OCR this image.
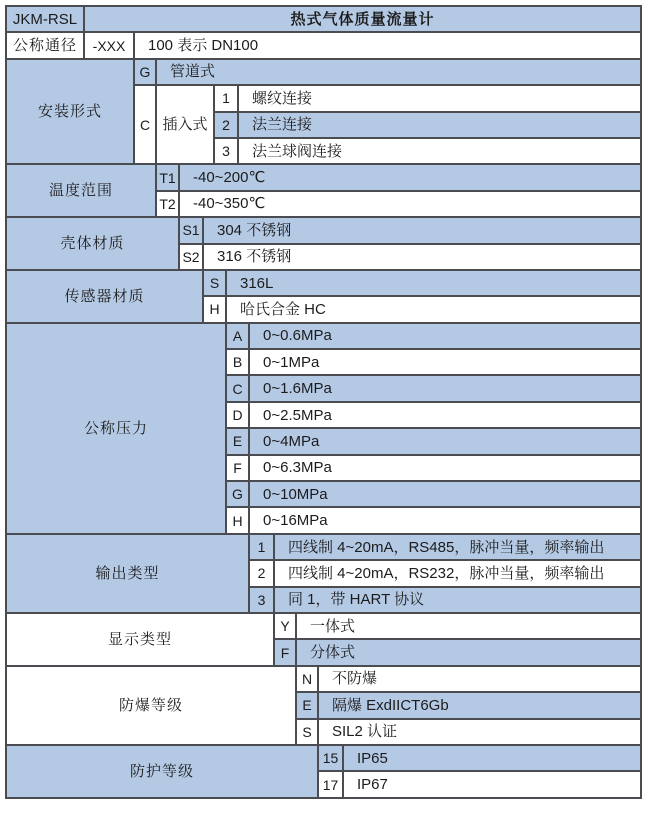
JKM-RSL	热式气体质量流量计												
公称通径	-XXX	100 表示 DN100											
安装形式		G	管道式										
		C	插入式			1		螺纹连接					
						2		法兰连接					
						3		法兰球阀连接					
温度范围			T1	-40~200℃									
			T2	-40~350℃									
壳体材质				S1	304 不锈钢								
				S2	316 不锈钢								
传感器材质					S		316L						
					H		哈氏合金 HC						
公称压力							A		0~0.6MPa				
							B		0~1MPa				
							C		0~1.6MPa				
							D		0~2.5MPa				
							E		0~4MPa				
							F		0~6.3MPa				
							G		0~10MPa				
							H		0~16MPa				
输出类型									1	四线制 4~20mA，RS485，脉冲当量，频率输出			
									2	四线制 4~20mA，RS232，脉冲当量，频率输出			
									3	同 1，带 HART 协议			
显示类型										Y	一体式		
										F	分体式		
防爆等级											N	不防爆	
											E	隔爆 ExdIICT6Gb	
											S	SIL2 认证	
防护等级												15	IP65
												17	IP67
